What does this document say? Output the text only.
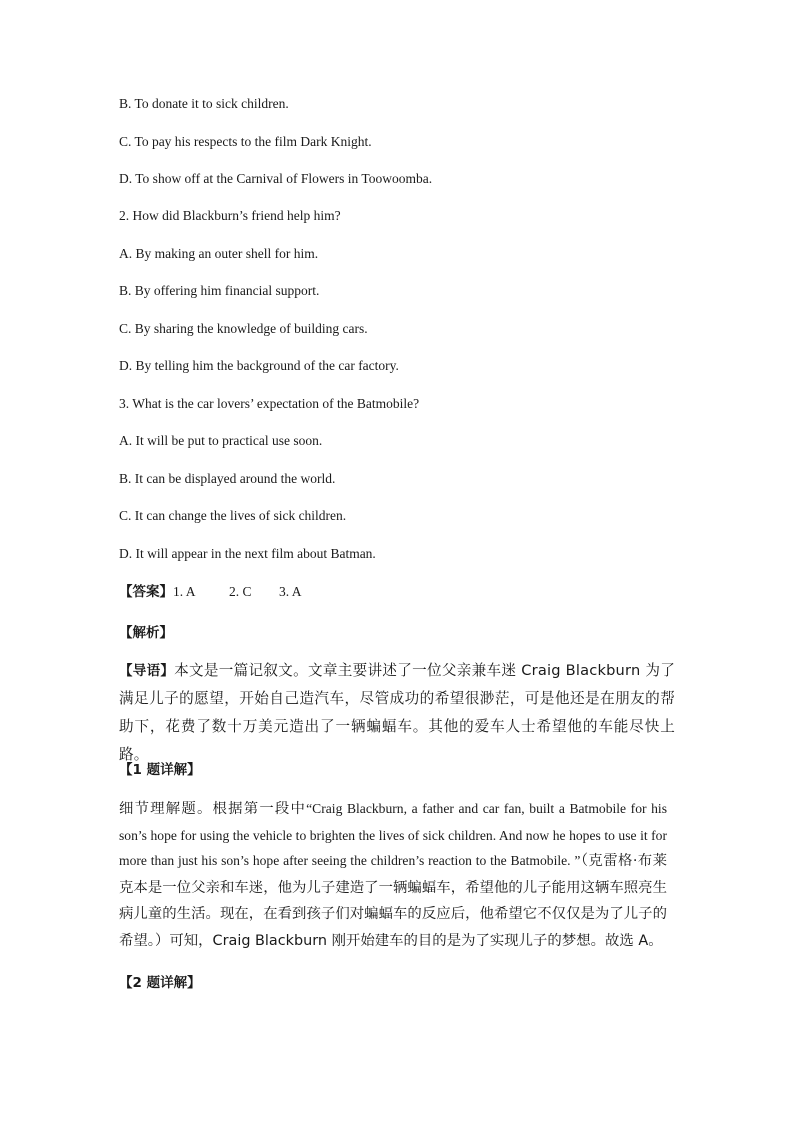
B. To donate it to sick children.
C. To pay his respects to the film Dark Knight.
D. To show off at the Carnival of Flowers in Toowoomba.
2. How did Blackburn’s friend help him?
A. By making an outer shell for him.
B. By offering him financial support.
C. By sharing the knowledge of building cars.
D. By telling him the background of the car factory.
3. What is the car lovers’ expectation of the Batmobile?
A. It will be put to practical use soon.
B. It can be displayed around the world.
C. It can change the lives of sick children.
D. It will appear in the next film about Batman.
【答案】1. A 2. C 3. A
【解析】
【导语】本文是一篇记叙文。文章主要讲述了一位父亲兼车迷 Craig Blackburn 为了满足儿子的愿望，开始自己造汽车，尽管成功的希望很渺茫，可是他还是在朋友的帮助下，花费了数十万美元造出了一辆蝙蝠车。其他的爱车人士希望他的车能尽快上路。
【1 题详解】
细节理解题。根据第一段中“Craig Blackburn, a father and car fan, built a Batmobile for his son’s hope for using the vehicle to brighten the lives of sick children. And now he hopes to use it for more than just his son’s hope after seeing the children’s reaction to the Batmobile. ”（克雷格·布莱克本是一位父亲和车迷，他为儿子建造了一辆蝙蝠车，希望他的儿子能用这辆车照亮生病儿童的生活。现在，在看到孩子们对蝙蝠车的反应后，他希望它不仅仅是为了儿子的希望。）可知，Craig Blackburn 刚开始建车的目的是为了实现儿子的梦想。故选 A。
【2 题详解】
